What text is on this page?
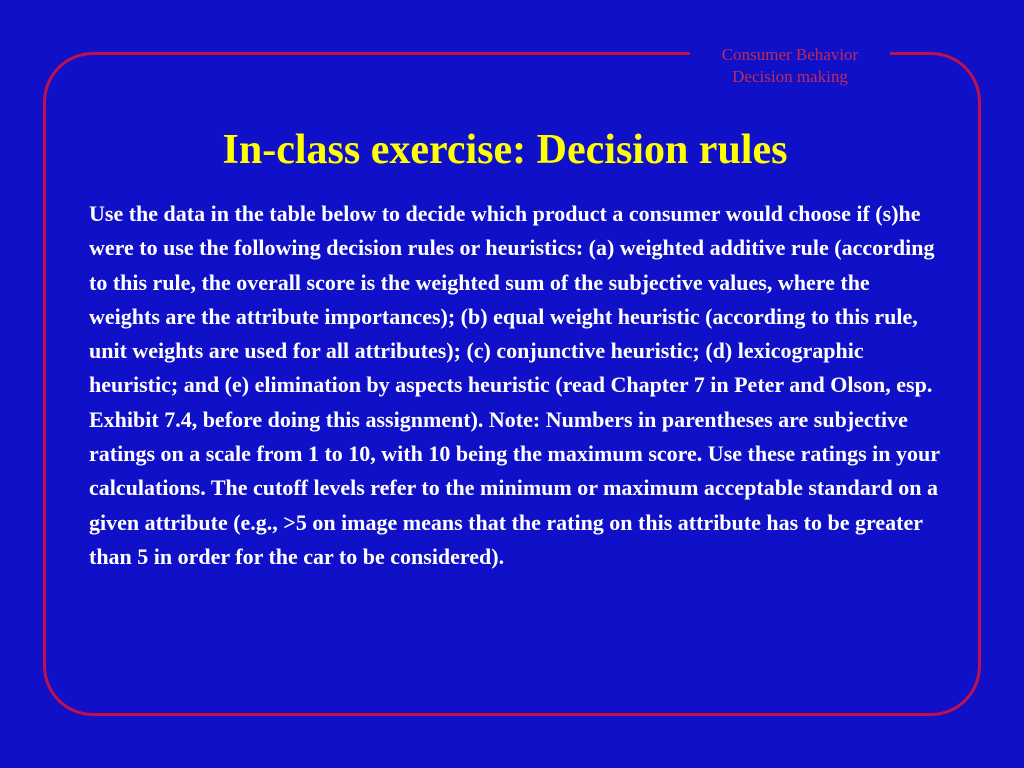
Consumer Behavior
Decision making
In-class exercise: Decision rules

Use the data in the table below to decide which product a consumer would choose if (s)he were to use the following decision rules or heuristics: (a) weighted additive rule (according to this rule, the overall score is the weighted sum of the subjective values, where the weights are the attribute importances); (b) equal weight heuristic (according to this rule, unit weights are used for all attributes); (c) conjunctive heuristic; (d) lexicographic heuristic; and (e) elimination by aspects heuristic (read Chapter 7 in Peter and Olson, esp. Exhibit 7.4, before doing this assignment). Note: Numbers in parentheses are subjective ratings on a scale from 1 to 10, with 10 being the maximum score. Use these ratings in your calculations. The cutoff levels refer to the minimum or maximum acceptable standard on a given attribute (e.g., >5 on image means that the rating on this attribute has to be greater than 5 in order for the car to be considered).
